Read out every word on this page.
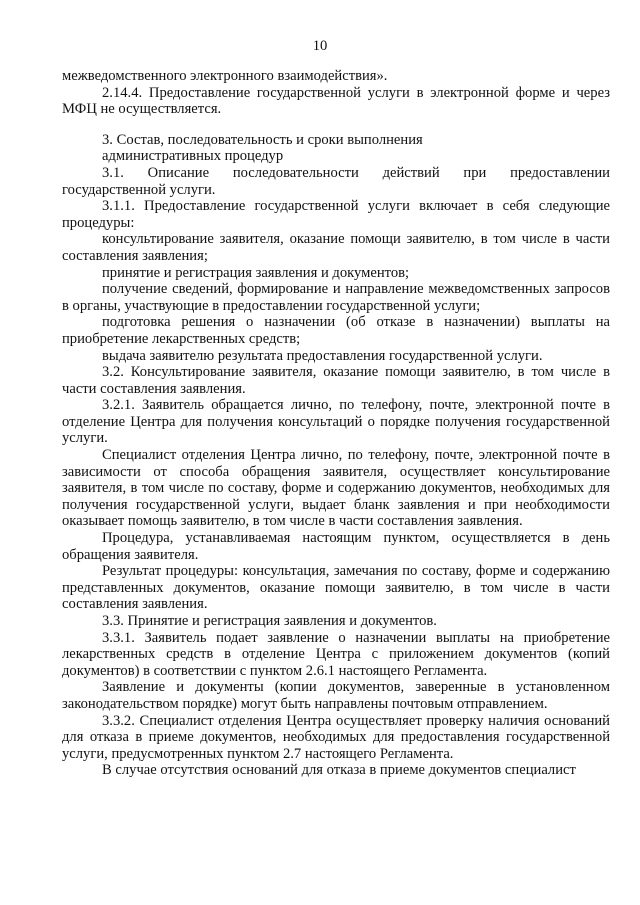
10

межведомственного электронного взаимодействия».

2.14.4. Предоставление государственной услуги в электронной форме и через МФЦ не осуществляется.

3. Состав, последовательность и сроки выполнения

административных процедур

3.1. Описание последовательности действий при предоставлении государственной услуги.

3.1.1. Предоставление государственной услуги включает в себя следующие процедуры:

консультирование заявителя, оказание помощи заявителю, в том числе в части составления заявления;

принятие и регистрация заявления и документов;

получение сведений, формирование и направление межведомственных запросов в органы, участвующие в предоставлении государственной услуги;

подготовка решения о назначении (об отказе в назначении) выплаты на приобретение лекарственных средств;

выдача заявителю результата предоставления государственной услуги.

3.2. Консультирование заявителя, оказание помощи заявителю, в том числе в части составления заявления.

3.2.1. Заявитель обращается лично, по телефону, почте, электронной почте в отделение Центра для получения консультаций о порядке получения государственной услуги.

Специалист отделения Центра лично, по телефону, почте, электронной почте в зависимости от способа обращения заявителя, осуществляет консультирование заявителя, в том числе по составу, форме и содержанию документов, необходимых для получения государственной услуги, выдает бланк заявления и при необходимости оказывает помощь заявителю, в том числе в части составления заявления.

Процедура, устанавливаемая настоящим пунктом, осуществляется в день обращения заявителя.

Результат процедуры: консультация, замечания по составу, форме и содержанию представленных документов, оказание помощи заявителю, в том числе в части составления заявления.

3.3. Принятие и регистрация заявления и документов.

3.3.1. Заявитель подает заявление о назначении выплаты на приобретение лекарственных средств в отделение Центра с приложением документов (копий документов) в соответствии с пунктом 2.6.1 настоящего Регламента.

Заявление и документы (копии документов, заверенные в установленном законодательством порядке) могут быть направлены почтовым отправлением.

3.3.2. Специалист отделения Центра осуществляет проверку наличия оснований для отказа в приеме документов, необходимых для предоставления государственной услуги, предусмотренных пунктом 2.7 настоящего Регламента.

В случае отсутствия оснований для отказа в приеме документов специалист
